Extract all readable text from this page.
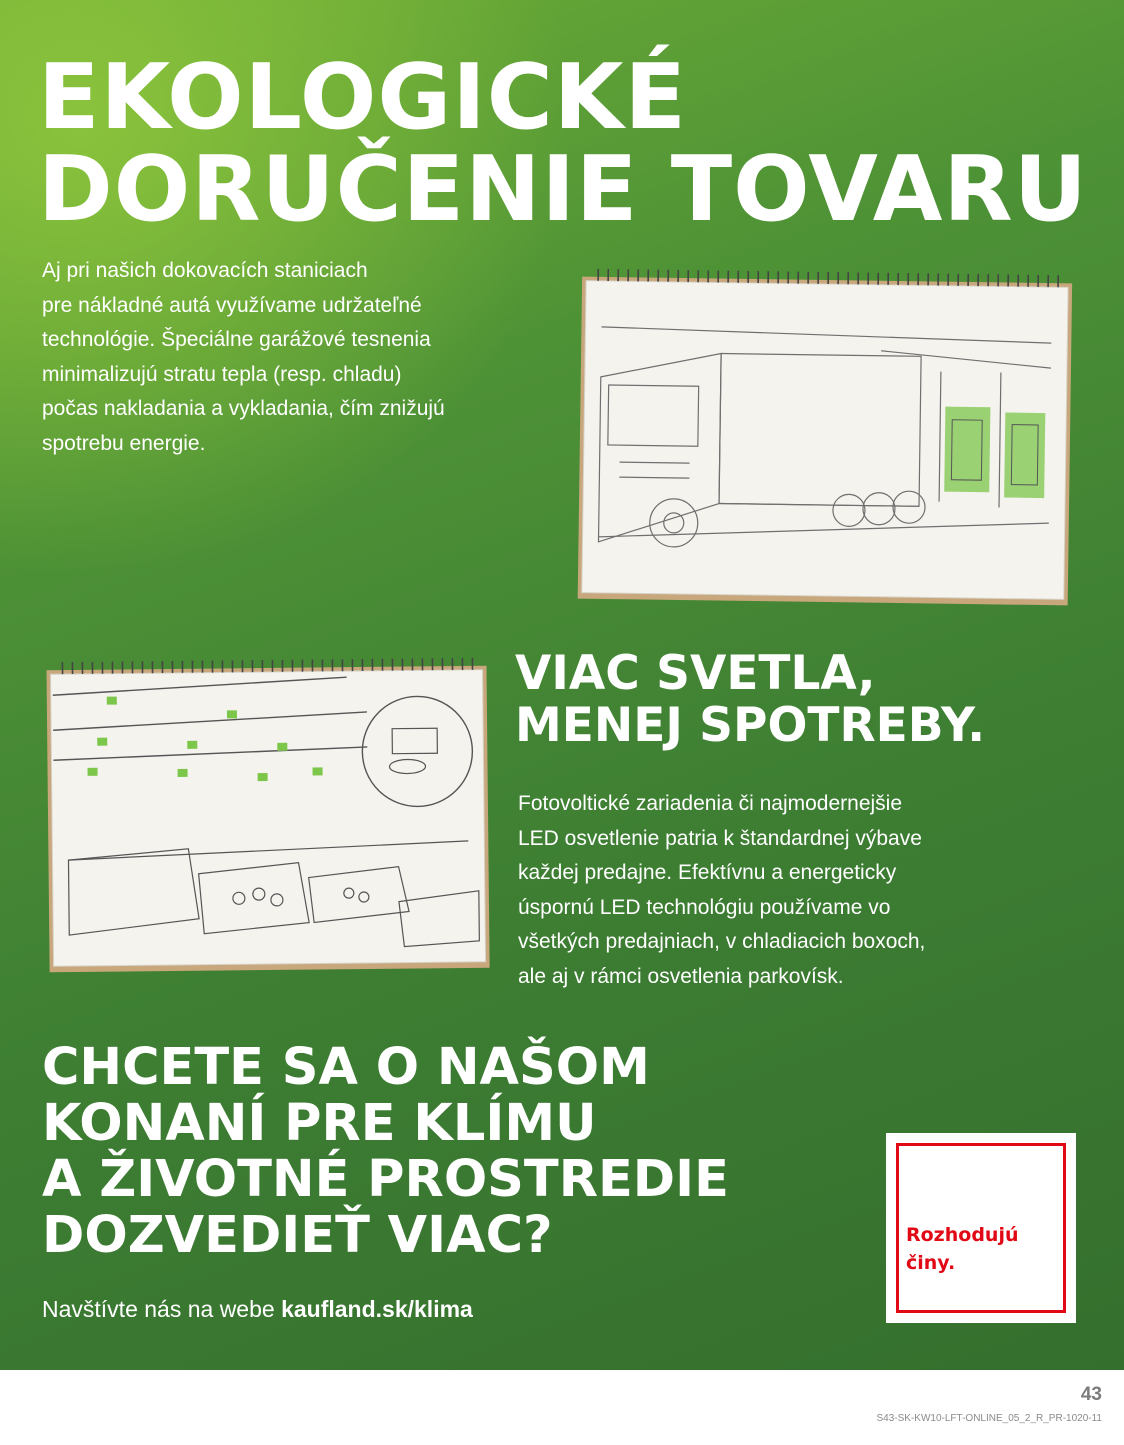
EKOLOGICKÉ
DORUČENIE TOVARU

Aj pri našich dokovacích staniciach
pre nákladné autá využívame udržateľné
technológie. Špeciálne garážové tesnenia
minimalizujú stratu tepla (resp. chladu)
počas nakladania a vykladania, čím znižujú
spotrebu energie.

VIAC SVETLA,
MENEJ SPOTREBY.

Fotovoltické zariadenia či najmodernejšie
LED osvetlenie patria k štandardnej výbave
každej predajne. Efektívnu a energeticky
úspornú LED technológiu používame vo
všetkých predajniach, v chladiacich boxoch,
ale aj v rámci osvetlenia parkovísk.

CHCETE SA O NAŠOM
KONANÍ PRE KLÍMU
A ŽIVOTNÉ PROSTREDIE
DOZVEDIEŤ VIAC?
Navštívte nás na webe kaufland.sk/klima
Rozhodujú
činy.
43
S43-SK-KW10-LFT-ONLINE_05_2_R_PR-1020-11
